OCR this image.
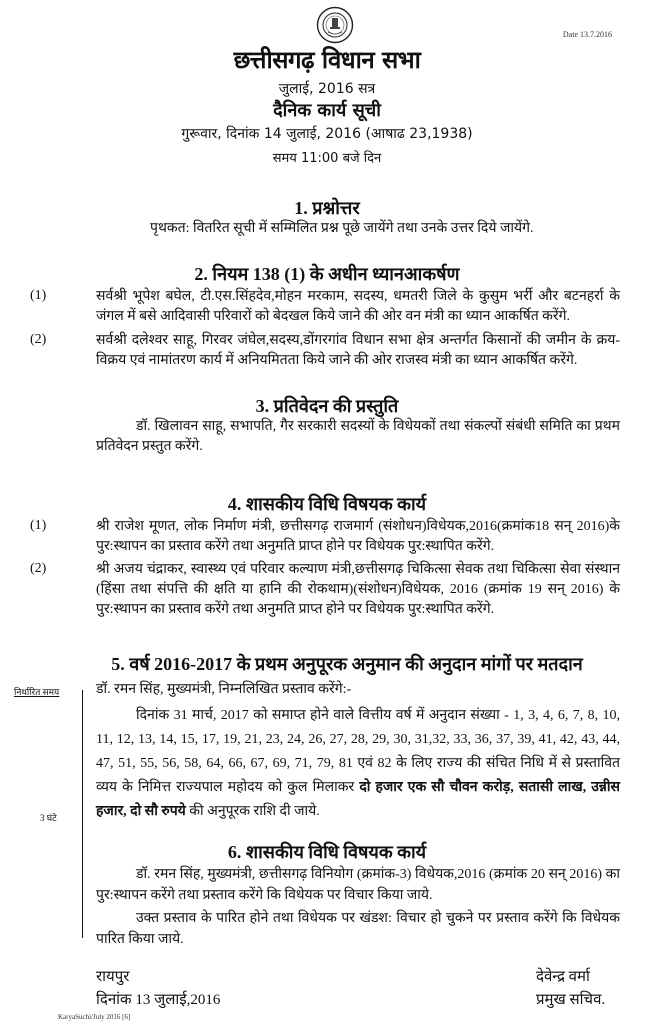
Date 13.7.2016
छत्तीसगढ़ विधान सभा
जुलाई, 2016 सत्र
दैनिक कार्य सूची
गुरूवार, दिनांक 14 जुलाई, 2016 (आषाढ 23,1938)
समय 11:00 बजे दिन
1. प्रश्नोत्तर
पृथकत: वितरित सूची में सम्मिलित प्रश्न पूछे जायेंगे तथा उनके उत्तर दिये जायेंगे.
2. नियम 138 (1) के अधीन ध्यानआकर्षण
(1)	सर्वश्री भूपेश बघेल, टी.एस.सिंहदेव,मोहन मरकाम, सदस्य, धमतरी जिले के कुसुम भर्री और बटनहर्रा के जंगल में बसे आदिवासी परिवारों को बेदखल किये जाने की ओर वन मंत्री का ध्यान आकर्षित करेंगे.
(2)	सर्वश्री दलेश्वर साहू, गिरवर जंघेल,सदस्य,डोंगरगांव विधान सभा क्षेत्र अन्तर्गत किसानों की जमीन के क्रय-विक्रय एवं नामांतरण कार्य में अनियमितता किये जाने की ओर राजस्व मंत्री का ध्यान आकर्षित करेंगे.
3. प्रतिवेदन की प्रस्तुति
डॉ. खिलावन साहू, सभापति, गैर सरकारी सदस्यों के विधेयकों तथा संकल्पों संबंधी समिति का प्रथम प्रतिवेदन प्रस्तुत करेंगे.
4. शासकीय विधि विषयक कार्य
(1)	श्री राजेश मूणत, लोक निर्माण मंत्री, छत्तीसगढ़ राजमार्ग (संशोधन)विधेयक,2016(क्रमांक18 सन् 2016)के पुर:स्थापन का प्रस्ताव करेंगे तथा अनुमति प्राप्त होने पर विधेयक पुर:स्थापित करेंगे.
(2)	श्री अजय चंद्राकर, स्वास्थ्य एवं परिवार कल्याण मंत्री,छत्तीसगढ़ चिकित्सा सेवक तथा चिकित्सा सेवा संस्थान (हिंसा तथा संपत्ति की क्षति या हानि की रोकथाम)(संशोधन)विधेयक, 2016 (क्रमांक 19 सन् 2016) के पुर:स्थापन का प्रस्ताव करेंगे तथा अनुमति प्राप्त होने पर विधेयक पुर:स्थापित करेंगे.
5. वर्ष 2016-2017 के प्रथम अनुपूरक अनुमान की अनुदान मांगों पर मतदान
निर्धारित समय
3 घंटे
डॉ. रमन सिंह, मुख्यमंत्री, निम्नलिखित प्रस्ताव करेंगे:-
दिनांक 31 मार्च, 2017 को समाप्त होने वाले वित्तीय वर्ष में अनुदान संख्या - 1, 3, 4, 6, 7, 8, 10, 11, 12, 13, 14, 15, 17, 19, 21, 23, 24, 26, 27, 28, 29, 30, 31,32, 33, 36, 37, 39, 41, 42, 43, 44, 47, 51, 55, 56, 58, 64, 66, 67, 69, 71, 79, 81 एवं 82 के लिए राज्य की संचित निधि में से प्रस्तावित व्यय के निमित्त राज्यपाल महोदय को कुल मिलाकर दो हजार एक सौ चौवन करोड़, सतासी लाख, उन्नीस हजार, दो सौ रुपये की अनुपूरक राशि दी जाये.
6. शासकीय विधि विषयक कार्य
डॉ. रमन सिंह, मुख्यमंत्री, छत्तीसगढ़ विनियोग (क्रमांक-3) विधेयक,2016 (क्रमांक 20 सन् 2016) का पुर:स्थापन करेंगे तथा प्रस्ताव करेंगे कि विधेयक पर विचार किया जाये.
उक्त प्रस्ताव के पारित होने तथा विधेयक पर खंडश: विचार हो चुकने पर प्रस्ताव करेंगे कि विधेयक पारित किया जाये.
रायपुर
दिनांक 13 जुलाई,2016
देवेन्द्र वर्मा
प्रमुख सचिव.
KaryaSuchi/July 2016 [6]
